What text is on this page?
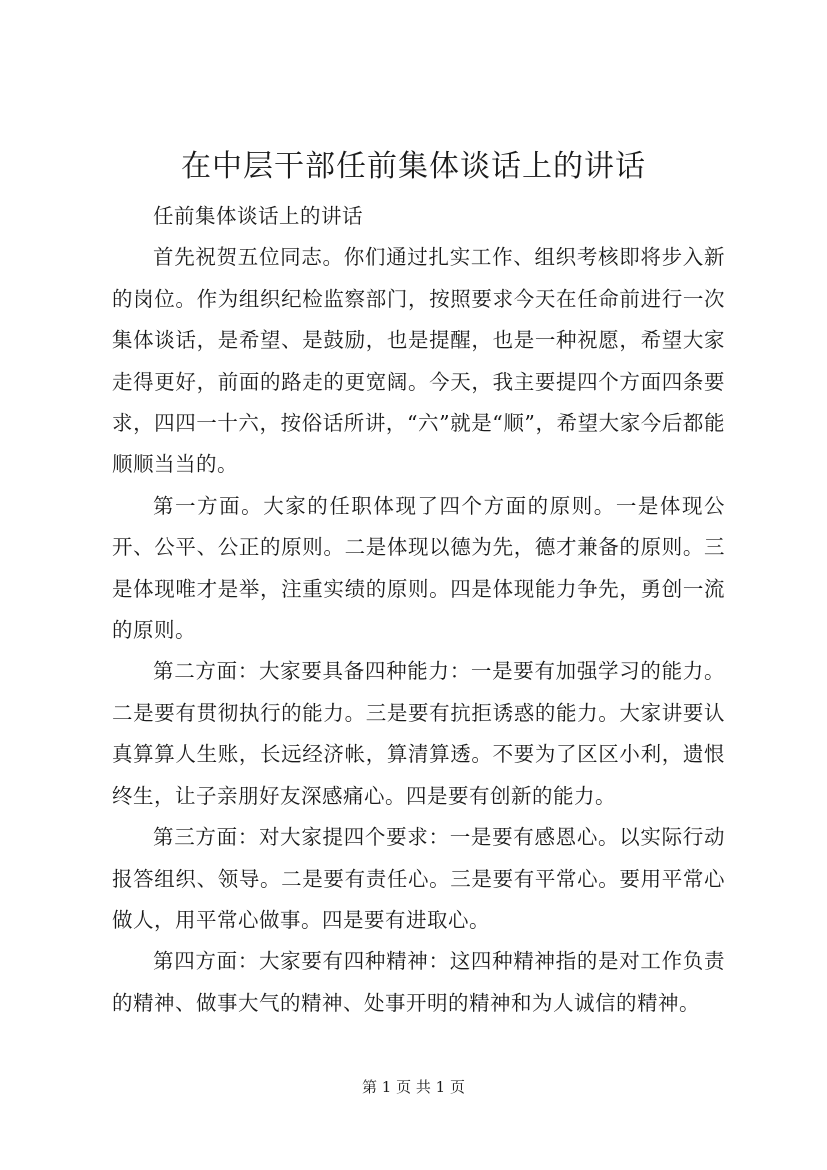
在中层干部任前集体谈话上的讲话

任前集体谈话上的讲话

首先祝贺五位同志。你们通过扎实工作、组织考核即将步入新的岗位。作为组织纪检监察部门，按照要求今天在任命前进行一次集体谈话，是希望、是鼓励，也是提醒，也是一种祝愿，希望大家走得更好，前面的路走的更宽阔。今天，我主要提四个方面四条要求，四四一十六，按俗话所讲，“六”就是“顺”，希望大家今后都能顺顺当当的。

第一方面。大家的任职体现了四个方面的原则。一是体现公开、公平、公正的原则。二是体现以德为先，德才兼备的原则。三是体现唯才是举，注重实绩的原则。四是体现能力争先，勇创一流的原则。

第二方面：大家要具备四种能力：一是要有加强学习的能力。二是要有贯彻执行的能力。三是要有抗拒诱惑的能力。大家讲要认真算算人生账，长远经济帐，算清算透。不要为了区区小利，遗恨终生，让子亲朋好友深感痛心。四是要有创新的能力。

第三方面：对大家提四个要求：一是要有感恩心。以实际行动报答组织、领导。二是要有责任心。三是要有平常心。要用平常心做人，用平常心做事。四是要有进取心。

第四方面：大家要有四种精神：这四种精神指的是对工作负责的精神、做事大气的精神、处事开明的精神和为人诚信的精神。

第 1 页 共 1 页
